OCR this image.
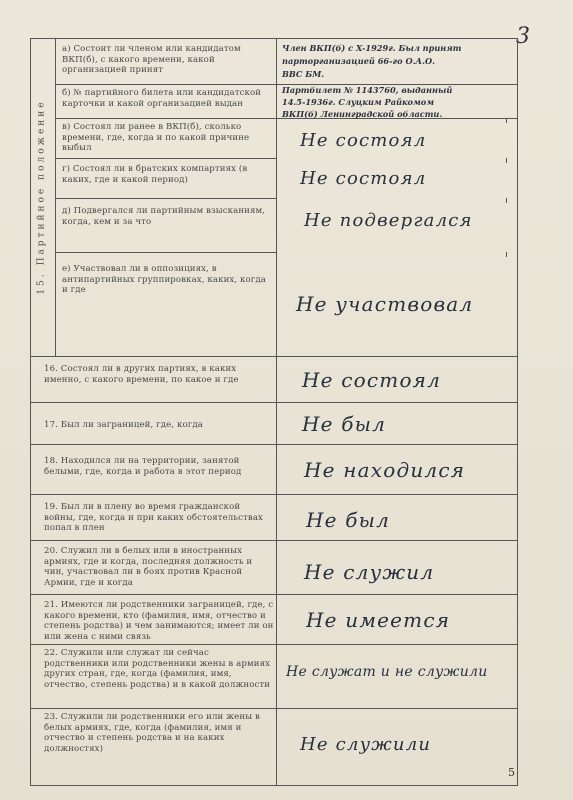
3
15. Партийное положение
а) Состоит ли членом или кандидатом ВКП(б), с какого времени, какой организацией принят
б) № партийного билета или кандидатской карточки и какой организацией выдан
в) Состоял ли ранее в ВКП(б), сколько времени, где, когда и по какой причине выбыл
г) Состоял ли в братских компартиях (в каких, где и какой период)
д) Подвергался ли партийным взысканиям, когда, кем и за что
е) Участвовал ли в оппозициях, в антипартийных группировках, каких, когда и где
16. Состоял ли в других партиях, в каких именно, с какого времени, по какое и где
17. Был ли заграницей, где, когда
18. Находился ли на территории, занятой белыми, где, когда и работа в этот период
19. Был ли в плену во время гражданской войны, где, когда и при каких обстоятельствах попал в плен
20. Служил ли в белых или в иностранных армиях, где и когда, последняя должность и чин, участвовал ли в боях против Красной Армии, где и когда
21. Имеются ли родственники заграницей, где, с какого времени, кто (фамилия, имя, отчество и степень родства) и чем занимаются; имеет ли он или жена с ними связь
22. Служили или служат ли сейчас родственники или родственники жены в армиях других стран, где, когда (фамилия, имя, отчество, степень родства) и в какой должности
23. Служили ли родственники его или жены в белых армиях, где, когда (фамилия, имя и отчество и степень родства и на каких должностях)
Член ВКП(б) с X-1929г. Был принят
парторганизацией 66-го О.А.О.
ВВС БМ.
Партбилет № 1143760, выданный
14.5-1936г. Слуцким Рaйкомом
ВКП(б) Ленинградской области.
Не состоял
Не состоял
Не подвергался
Не участвовал
Не состоял
Не был
Не находился
Не был
Не служил
Не имеется
Не служат и не служили
Не служили
5
